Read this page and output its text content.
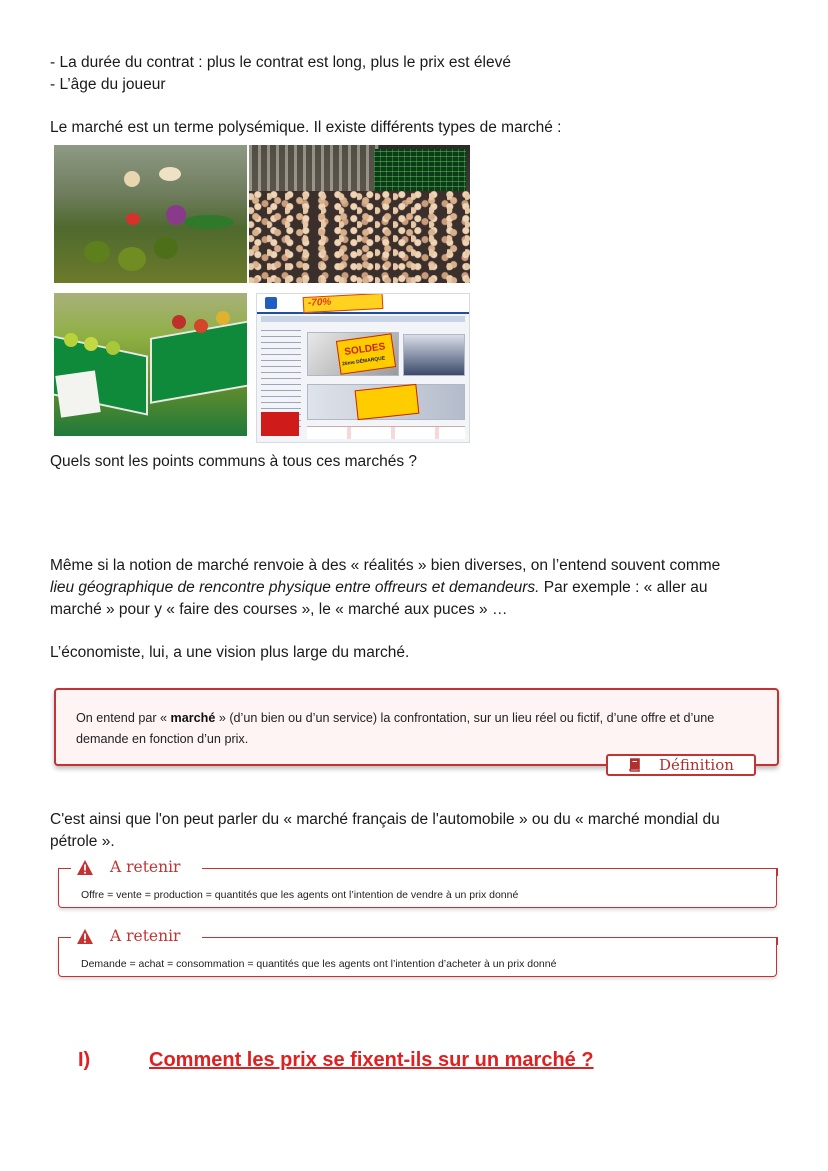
- La durée du contrat : plus le contrat est long, plus le prix est élevé

- L’âge du joueur

Le marché est un terme polysémique. Il existe différents types de marché :

-70%
SOLDES
2ème DÉMARQUE

Quels sont les points communs à tous ces marchés ?

Même si la notion de marché renvoie à des « réalités » bien diverses, on l’entend souvent comme

lieu géographique de rencontre physique entre offreurs et demandeurs. Par exemple : « aller au

marché » pour y « faire des courses », le « marché aux puces » …

L’économiste, lui, a une vision plus large du marché.

On entend par « marché » (d’un bien ou d’un service) la confrontation, sur un lieu réel ou fictif, d’une offre et d’une
demande en fonction d’un prix.

Définition

C'est ainsi que l'on peut parler du « marché français de l'automobile » ou du « marché mondial du

pétrole ».

Offre = vente = production = quantités que les agents ont l’intention de vendre à un prix donné

A retenir

Demande = achat = consommation = quantités que les agents ont l’intention d’acheter à un prix donné

A retenir
I)	Comment les prix se fixent-ils sur un marché ?
